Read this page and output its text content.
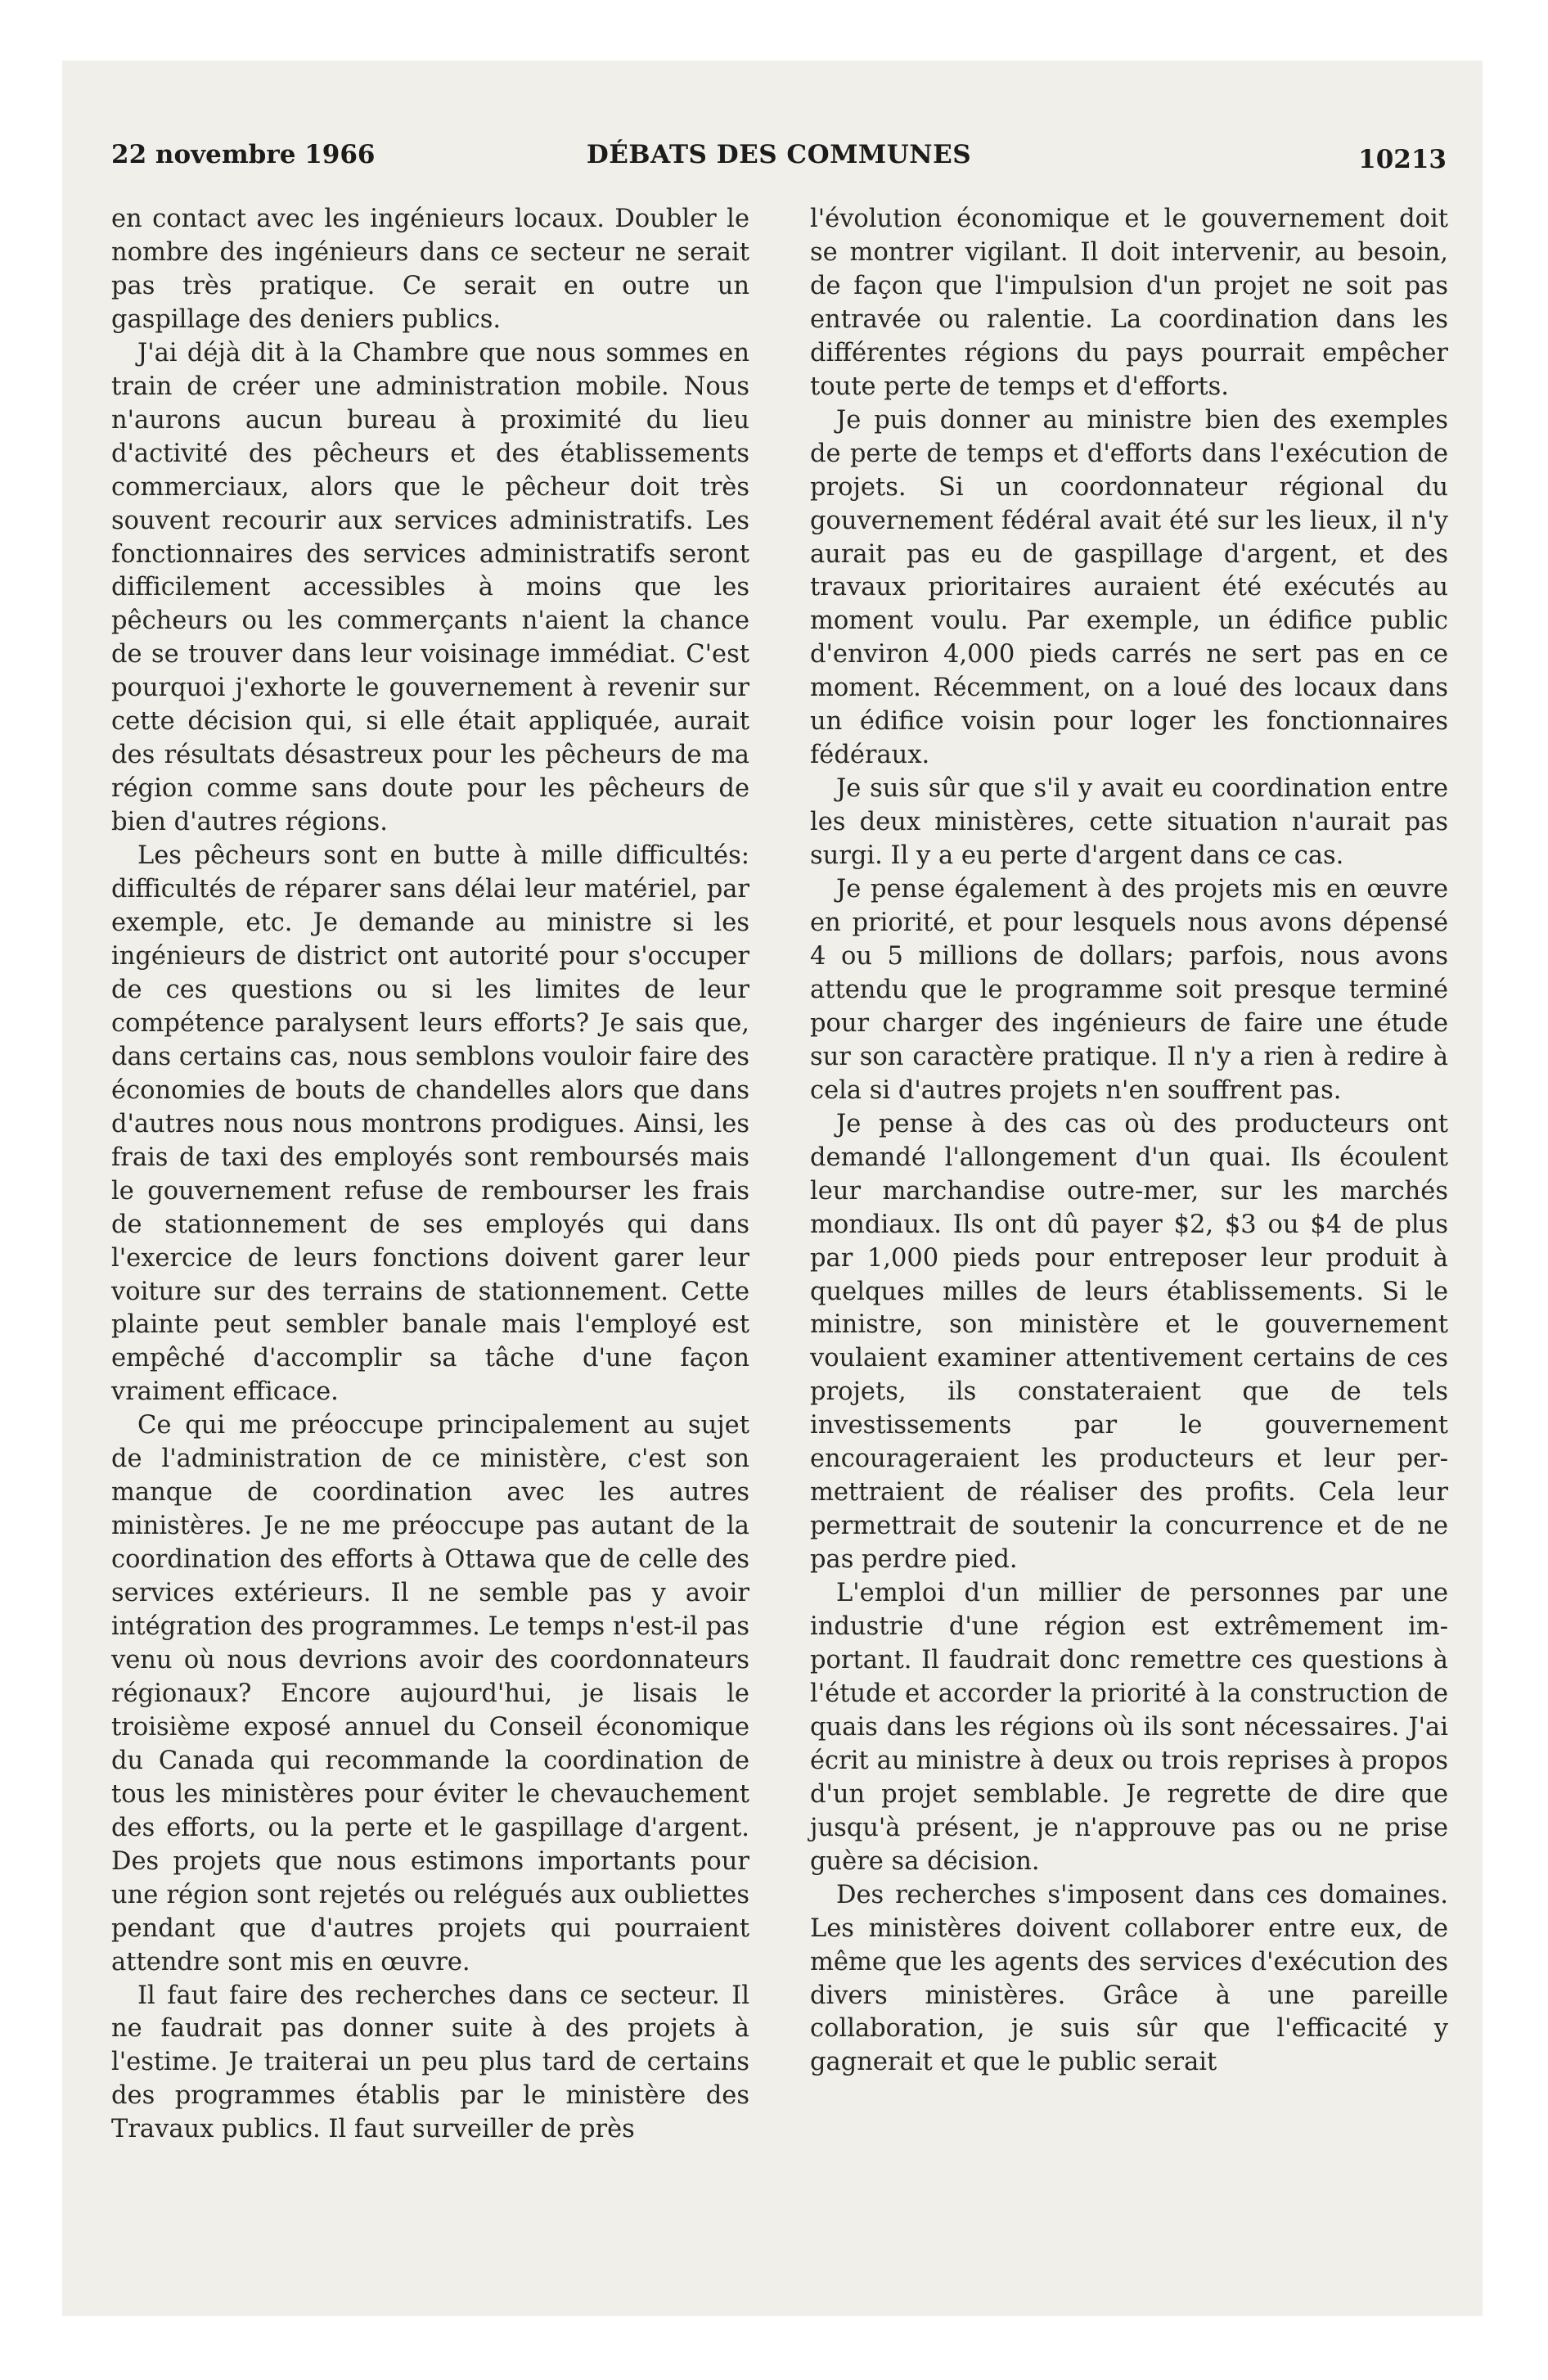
22 novembre 1966	DÉBATS DES COMMUNES	10213

en contact avec les ingénieurs locaux. Doubler le nombre des ingénieurs dans ce secteur ne serait pas très pratique. Ce serait en outre un gaspillage des deniers publics.

J'ai déjà dit à la Chambre que nous sommes en train de créer une administration mobile. Nous n'aurons aucun bureau à proximité du lieu d'activité des pêcheurs et des établissements commerciaux, alors que le pêcheur doit très souvent recourir aux services administratifs. Les fonctionnaires des services administratifs seront difficilement accessibles à moins que les pêcheurs ou les commerçants n'aient la chance de se trouver dans leur voisinage immédiat. C'est pourquoi j'exhorte le gouvernement à revenir sur cette décision qui, si elle était appliquée, aurait des résultats désastreux pour les pêcheurs de ma région comme sans doute pour les pêcheurs de bien d'autres régions.

Les pêcheurs sont en butte à mille difficultés: difficultés de réparer sans délai leur matériel, par exemple, etc. Je demande au ministre si les ingénieurs de district ont autorité pour s'occuper de ces questions ou si les limites de leur compétence paralysent leurs efforts? Je sais que, dans certains cas, nous semblons vouloir faire des économies de bouts de chandelles alors que dans d'autres nous nous montrons prodigues. Ainsi, les frais de taxi des employés sont remboursés mais le gouvernement refuse de rembourser les frais de stationnement de ses employés qui dans l'exercice de leurs fonctions doivent garer leur voiture sur des terrains de stationnement. Cette plainte peut sembler banale mais l'employé est empêché d'accomplir sa tâche d'une façon vraiment efficace.

Ce qui me préoccupe principalement au sujet de l'administration de ce ministère, c'est son manque de coordination avec les autres ministères. Je ne me préoccupe pas autant de la coordination des efforts à Ottawa que de celle des services extérieurs. Il ne semble pas y avoir intégration des programmes. Le temps n'est-il pas venu où nous devrions avoir des coordonnateurs régionaux? Encore aujourd'hui, je lisais le troisième exposé annuel du Conseil économique du Canada qui recommande la coordination de tous les ministères pour éviter le chevauchement des efforts, ou la perte et le gaspillage d'argent. Des projets que nous estimons importants pour une région sont rejetés ou relégués aux oubliettes pendant que d'autres projets qui pourraient attendre sont mis en œuvre.

Il faut faire des recherches dans ce secteur. Il ne faudrait pas donner suite à des projets à l'estime. Je traiterai un peu plus tard de certains des programmes établis par le ministère des Travaux publics. Il faut surveiller de près

l'évolution économique et le gouvernement doit se montrer vigilant. Il doit intervenir, au besoin, de façon que l'impulsion d'un projet ne soit pas entravée ou ralentie. La coordination dans les différentes régions du pays pourrait empêcher toute perte de temps et d'efforts.

Je puis donner au ministre bien des exemples de perte de temps et d'efforts dans l'exécution de projets. Si un coordonnateur régional du gouvernement fédéral avait été sur les lieux, il n'y aurait pas eu de gaspillage d'argent, et des travaux prioritaires auraient été exécutés au moment voulu. Par exemple, un édifice public d'environ 4,000 pieds carrés ne sert pas en ce moment. Récemment, on a loué des locaux dans un édifice voisin pour loger les fonctionnaires fédéraux.

Je suis sûr que s'il y avait eu coordination entre les deux ministères, cette situation n'aurait pas surgi. Il y a eu perte d'argent dans ce cas.

Je pense également à des projets mis en œuvre en priorité, et pour lesquels nous avons dépensé 4 ou 5 millions de dollars; parfois, nous avons attendu que le programme soit presque terminé pour charger des ingénieurs de faire une étude sur son caractère pratique. Il n'y a rien à redire à cela si d'autres projets n'en souffrent pas.

Je pense à des cas où des producteurs ont demandé l'allongement d'un quai. Ils écoulent leur marchandise outre-mer, sur les marchés mondiaux. Ils ont dû payer $2, $3 ou $4 de plus par 1,000 pieds pour entreposer leur produit à quelques milles de leurs établissements. Si le ministre, son ministère et le gouvernement voulaient examiner attentivement certains de ces projets, ils constateraient que de tels investissements par le gouvernement encourageraient les producteurs et leur permettraient de réaliser des profits. Cela leur permettrait de soutenir la concurrence et de ne pas perdre pied.

L'emploi d'un millier de personnes par une industrie d'une région est extrêmement important. Il faudrait donc remettre ces questions à l'étude et accorder la priorité à la construction de quais dans les régions où ils sont nécessaires. J'ai écrit au ministre à deux ou trois reprises à propos d'un projet semblable. Je regrette de dire que jusqu'à présent, je n'approuve pas ou ne prise guère sa décision.

Des recherches s'imposent dans ces domaines. Les ministères doivent collaborer entre eux, de même que les agents des services d'exécution des divers ministères. Grâce à une pareille collaboration, je suis sûr que l'efficacité y gagnerait et que le public serait
